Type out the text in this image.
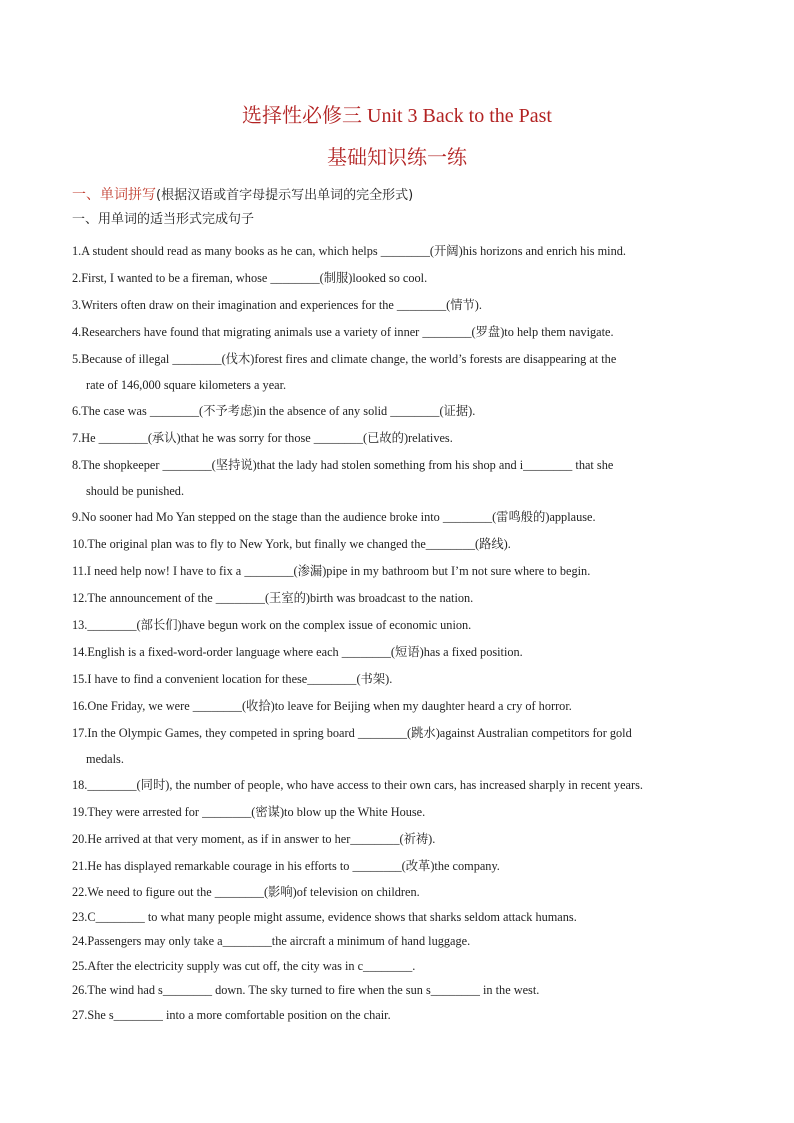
选择性必修三 Unit 3 Back to the Past
基础知识练一练
一、单词拼写(根据汉语或首字母提示写出单词的完全形式)
一、用单词的适当形式完成句子
1.A student should read as many books as he can, which helps ________(开阔)his horizons and enrich his mind.
2.First, I wanted to be a fireman, whose ________(制服)looked so cool.
3.Writers often draw on their imagination and experiences for the ________(情节).
4.Researchers have found that migrating animals use a variety of inner ________(罗盘)to help them navigate.
5.Because of illegal ________(伐木)forest fires and climate change, the world’s forests are disappearing at the
rate of 146,000 square kilometers a year.
6.The case was ________(不予考虑)in the absence of any solid ________(证据).
7.He ________(承认)that he was sorry for those ________(已故的)relatives.
8.The shopkeeper ________(坚持说)that the lady had stolen something from his shop and i________ that she
should be punished.
9.No sooner had Mo Yan stepped on the stage than the audience broke into ________(雷鸣般的)applause.
10.The original plan was to fly to New York, but finally we changed the________(路线).
11.I need help now! I have to fix a ________(渗漏)pipe in my bathroom but I’m not sure where to begin.
12.The announcement of the ________(王室的)birth was broadcast to the nation.
13.________(部长们)have begun work on the complex issue of economic union.
14.English is a fixed-word-order language where each ________(短语)has a fixed position.
15.I have to find a convenient location for these________(书架).
16.One Friday, we were ________(收拾)to leave for Beijing when my daughter heard a cry of horror.
17.In the Olympic Games, they competed in spring board ________(跳水)against Australian competitors for gold
medals.
18.________(同时), the number of people, who have access to their own cars, has increased sharply in recent years.
19.They were arrested for ________(密谋)to blow up the White House.
20.He arrived at that very moment, as if in answer to her________(祈祷).
21.He has displayed remarkable courage in his efforts to ________(改革)the company.
22.We need to figure out the ________(影响)of television on children.
23.C________ to what many people might assume, evidence shows that sharks seldom attack humans.
24.Passengers may only take a________the aircraft a minimum of hand luggage.
25.After the electricity supply was cut off, the city was in c________.
26.The wind had s________ down. The sky turned to fire when the sun s________ in the west.
27.She s________ into a more comfortable position on the chair.
